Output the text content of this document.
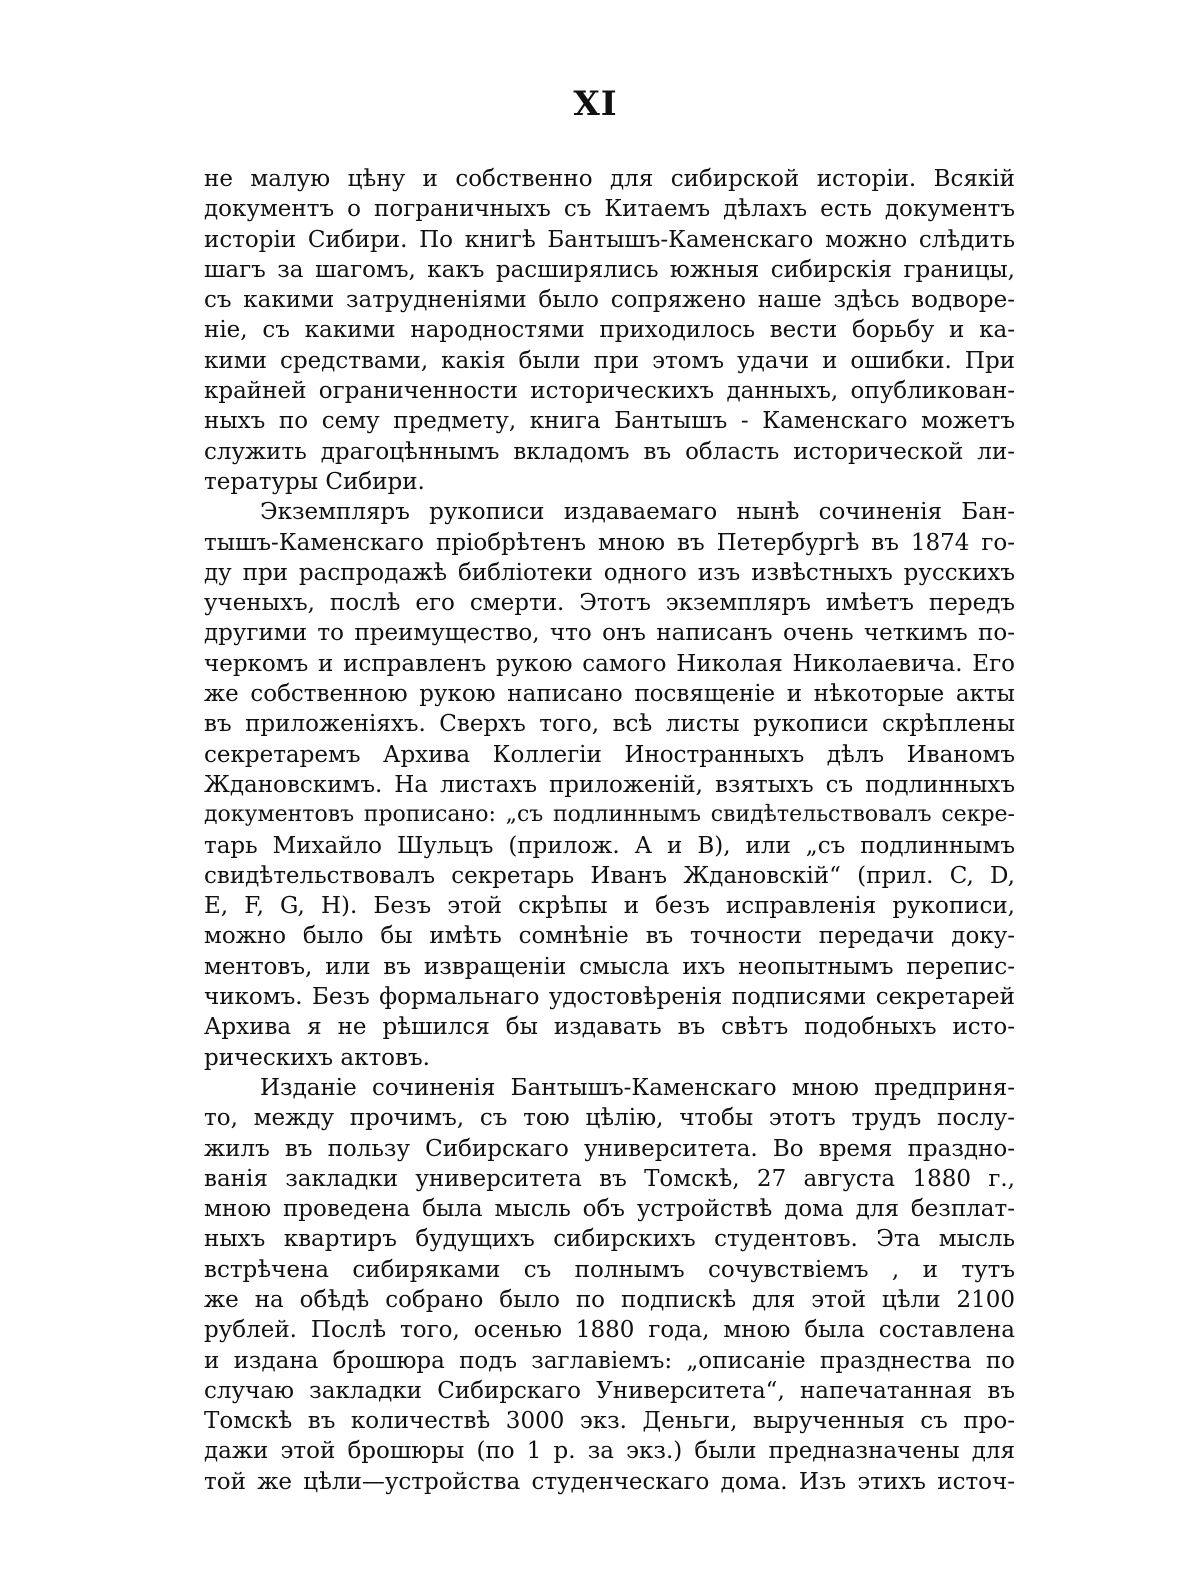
XI
не малую цѣну и собственно для сибирской исторіи. Всякій
документъ о пограничныхъ съ Китаемъ дѣлахъ есть документъ
исторіи Сибири. По книгѣ Бантышъ-Каменскаго можно слѣдить
шагъ за шагомъ, какъ расширялись южныя сибирскія границы,
съ какими затрудненіями было сопряжено наше здѣсь водворе-
ніе, съ какими народностями приходилось вести борьбу и ка-
кими средствами, какія были при этомъ удачи и ошибки. При
крайней ограниченности историческихъ данныхъ, опубликован-
ныхъ по сему предмету, книга Бантышъ - Каменскаго можетъ
служить драгоцѣннымъ вкладомъ въ область исторической ли-
тературы Сибири.
Экземпляръ рукописи издаваемаго нынѣ сочиненія Бан-
тышъ-Каменскаго пріобрѣтенъ мною въ Петербургѣ въ 1874 го-
ду при распродажѣ библіотеки одного изъ извѣстныхъ русскихъ
ученыхъ, послѣ его смерти. Этотъ экземпляръ имѣетъ передъ
другими то преимущество, что онъ написанъ очень четкимъ по-
черкомъ и исправленъ рукою самого Николая Николаевича. Его
же собственною рукою написано посвященіе и нѣкоторые акты
въ приложеніяхъ. Сверхъ того, всѣ листы рукописи скрѣплены
секретаремъ Архива Коллегіи Иностранныхъ дѣлъ Иваномъ
Ждановскимъ. На листахъ приложеній, взятыхъ съ подлинныхъ
документовъ прописано: „съ подлиннымъ свидѣтельствовалъ секре-
тарь Михайло Шульцъ (прилож. А и В), или „съ подлиннымъ
свидѣтельствовалъ секретарь Иванъ Ждановскій“ (прил. C, D,
E, F, G, H). Безъ этой скрѣпы и безъ исправленія рукописи,
можно было бы имѣть сомнѣніе въ точности передачи доку-
ментовъ, или въ извращеніи смысла ихъ неопытнымъ перепис-
чикомъ. Безъ формальнаго удостовѣренія подписями секретарей
Архива я не рѣшился бы издавать въ свѣтъ подобныхъ исто-
рическихъ актовъ.
Изданіе сочиненія Бантышъ-Каменскаго мною предприня-
то, между прочимъ, съ тою цѣлію, чтобы этотъ трудъ послу-
жилъ въ пользу Сибирскаго университета. Во время праздно-
ванія закладки университета въ Томскѣ, 27 августа 1880 г.,
мною проведена была мысль объ устройствѣ дома для безплат-
ныхъ квартиръ будущихъ сибирскихъ студентовъ. Эта мысль
встрѣчена сибиряками съ полнымъ сочувствіемъ , и тутъ
же на обѣдѣ собрано было по подпискѣ для этой цѣли 2100
рублей. Послѣ того, осенью 1880 года, мною была составлена
и издана брошюра подъ заглавіемъ: „описаніе празднества по
случаю закладки Сибирскаго Университета“, напечатанная въ
Томскѣ въ количествѣ 3000 экз. Деньги, вырученныя съ про-
дажи этой брошюры (по 1 р. за экз.) были предназначены для
той же цѣли—устройства студенческаго дома. Изъ этихъ источ-
